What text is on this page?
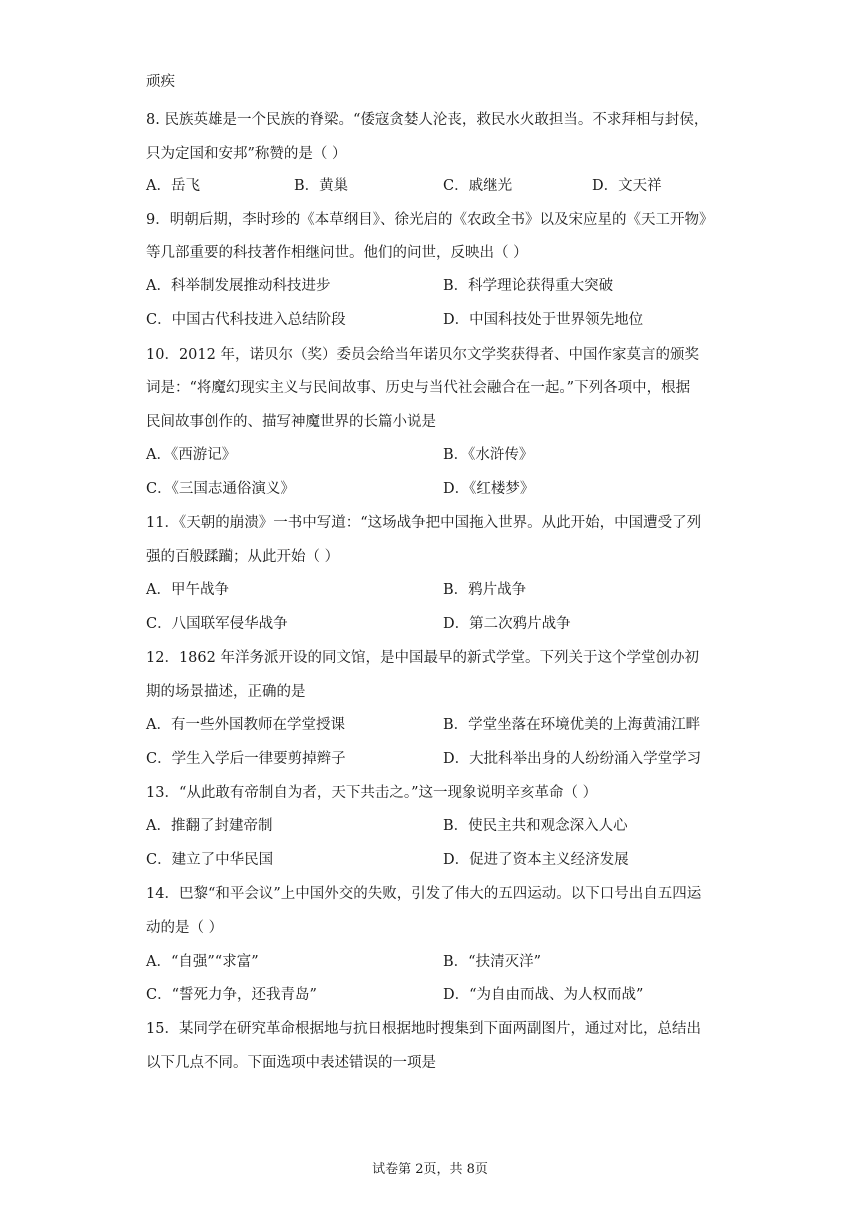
顽疾
8. 民族英雄是一个民族的脊梁。“倭寇贪婪人沦丧，救民水火敢担当。不求拜相与封侯，
只为定国和安邦”称赞的是（ ）
A．岳飞	B．黄巢	C．戚继光	D．文天祥
9．明朝后期，李时珍的《本草纲目》、徐光启的《农政全书》以及宋应星的《天工开物》
等几部重要的科技著作相继问世。他们的问世，反映出（ ）
A．科举制发展推动科技进步	B．科学理论获得重大突破
C．中国古代科技进入总结阶段	D．中国科技处于世界领先地位
10．2012 年，诺贝尔（奖）委员会给当年诺贝尔文学奖获得者、中国作家莫言的颁奖
词是：“将魔幻现实主义与民间故事、历史与当代社会融合在一起。”下列各项中，根据
民间故事创作的、描写神魔世界的长篇小说是
A．《西游记》	B．《水浒传》
C．《三国志通俗演义》	D．《红楼梦》
11．《天朝的崩溃》一书中写道：“这场战争把中国拖入世界。从此开始，中国遭受了列
强的百般蹂躏；从此开始（ ）
A．甲午战争	B．鸦片战争
C．八国联军侵华战争	D．第二次鸦片战争
12．1862 年洋务派开设的同文馆，是中国最早的新式学堂。下列关于这个学堂创办初
期的场景描述，正确的是
A．有一些外国教师在学堂授课	B．学堂坐落在环境优美的上海黄浦江畔
C．学生入学后一律要剪掉辫子	D．大批科举出身的人纷纷涌入学堂学习
13．“从此敢有帝制自为者，天下共击之。”这一现象说明辛亥革命（ ）
A．推翻了封建帝制	B．使民主共和观念深入人心
C．建立了中华民国	D．促进了资本主义经济发展
14．巴黎“和平会议”上中国外交的失败，引发了伟大的五四运动。以下口号出自五四运
动的是（ ）
A．“自强”“求富”	B．“扶清灭洋”
C．“誓死力争，还我青岛”	D．“为自由而战、为人权而战”
15．某同学在研究革命根据地与抗日根据地时搜集到下面两副图片，通过对比，总结出
以下几点不同。下面选项中表述错误的一项是
试卷第 2页，共 8页
